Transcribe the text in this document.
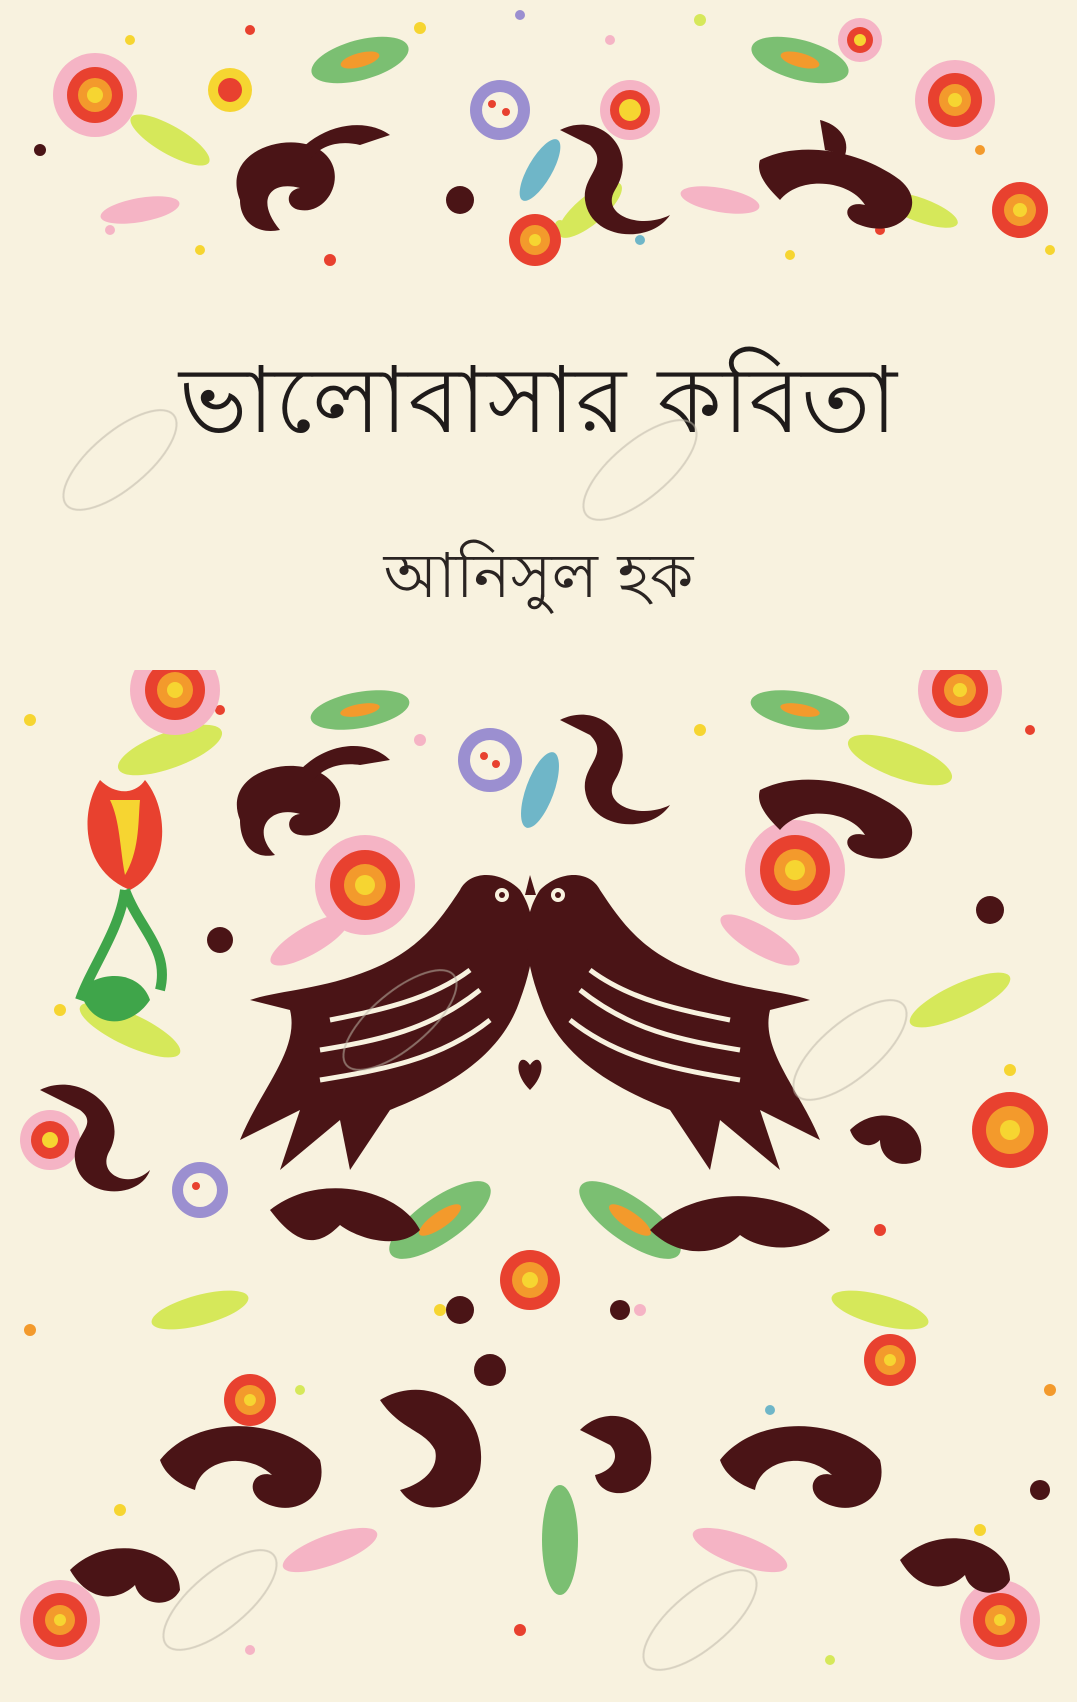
ভালোবাসার কবিতা
আনিসুল হক
